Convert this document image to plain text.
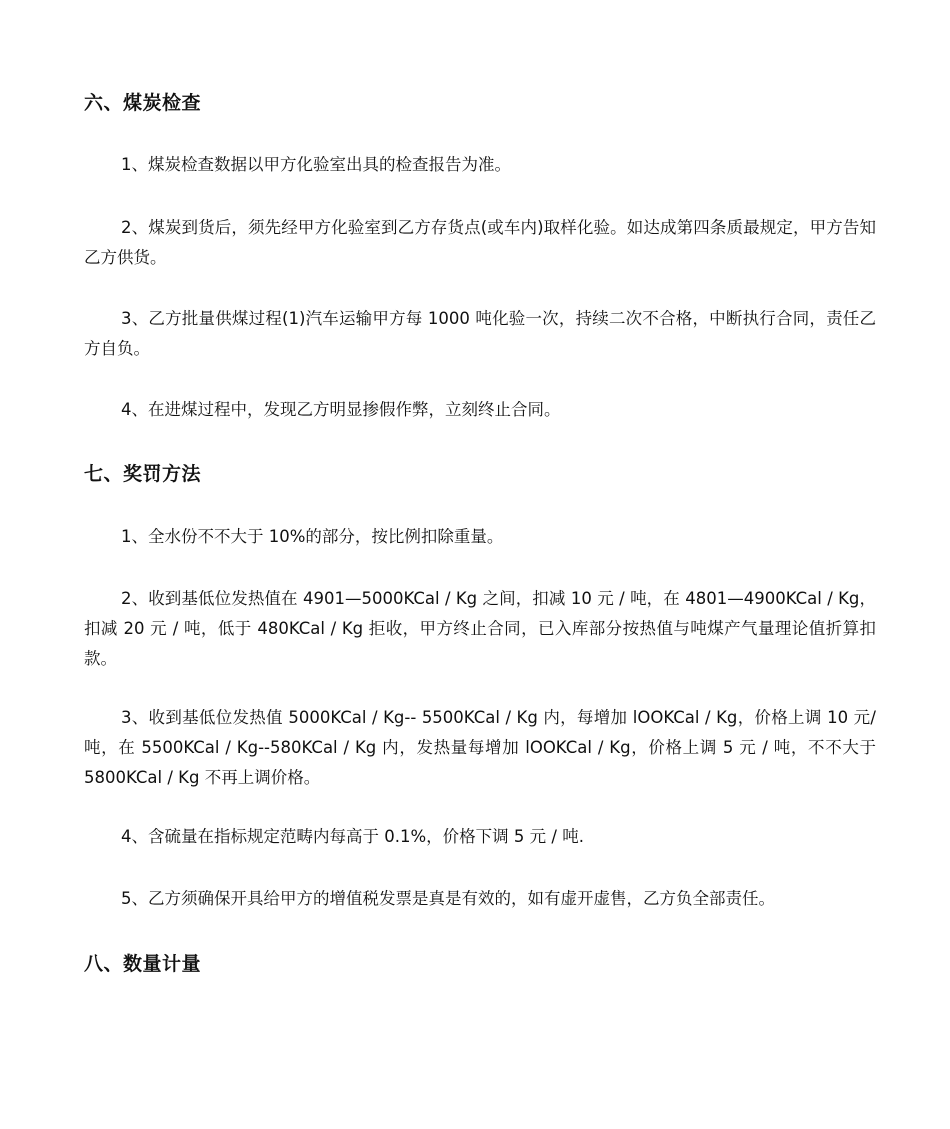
六、煤炭检查

1、煤炭检查数据以甲方化验室出具的检查报告为准。

2、煤炭到货后，须先经甲方化验室到乙方存货点(或车内)取样化验。如达成第四条质最规定，甲方告知乙方供货。

3、乙方批量供煤过程(1)汽车运输甲方每 1000 吨化验一次，持续二次不合格，中断执行合同，责任乙方自负。

4、在进煤过程中，发现乙方明显掺假作弊，立刻终止合同。

七、奖罚方法

1、全水份不不大于 10%的部分，按比例扣除重量。

2、收到基低位发热值在 4901—5000KCal / Kg 之间，扣减 10 元 / 吨，在 4801—4900KCal / Kg，扣减 20 元 / 吨，低于 480KCal / Kg 拒收，甲方终止合同，已入库部分按热值与吨煤产气量理论值折算扣款。

3、收到基低位发热值 5000KCal / Kg-- 5500KCal / Kg 内，每增加 lOOKCal / Kg，价格上调 10 元/吨，在 5500KCal / Kg--580KCal / Kg 内，发热量每增加 lOOKCal / Kg，价格上调 5 元 / 吨，不不大于 5800KCal / Kg 不再上调价格。

4、含硫量在指标规定范畴内每高于 0.1%，价格下调 5 元 / 吨.

5、乙方须确保开具给甲方的增值税发票是真是有效的，如有虚开虚售，乙方负全部责任。

八、数量计量
